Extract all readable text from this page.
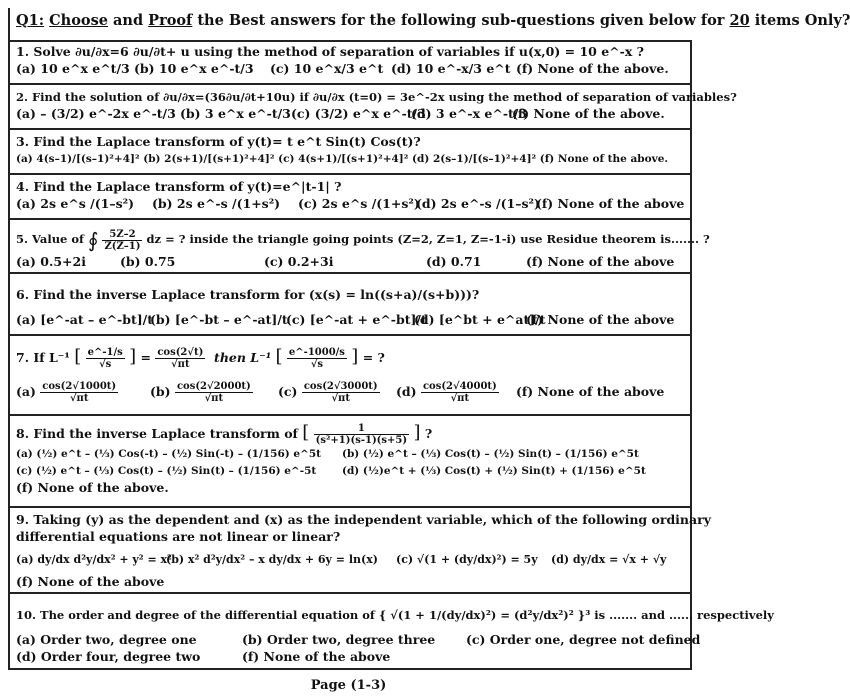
Q1: Choose and Proof the Best answers for the following sub-questions given below for 20 items Only?
1. Solve ∂u/∂x=6 ∂u/∂t+ u using the method of separation of variables if u(x,0) = 10 e^-x ?
(a) 10 e^x e^t/3 (b) 10 e^x e^-t/3 (c) 10 e^x/3 e^t (d) 10 e^-x/3 e^t (f) None of the above.
2. Find the solution of ∂u/∂x=(36∂u/∂t+10u) if ∂u/∂x (t=0) = 3e^-2x using the method of separation of variables?
(a) – (3/2) e^-2x e^-t/3 (b) 3 e^x e^-t/3 (c) (3/2) e^x e^-t/3
(d) 3 e^-x e^-t/3
(f) None of the above.
3. Find the Laplace transform of y(t)= t e^t Sin(t) Cos(t)?
(a) 4(s–1)/[(s–1)²+4]² (b) 2(s+1)/[(s+1)²+4]² (c) 4(s+1)/[(s+1)²+4]² (d) 2(s–1)/[(s–1)²+4]² (f) None of the above.
4. Find the Laplace transform of y(t)=e^|t-1| ?
(a) 2s e^s /(1–s²) (b) 2s e^-s /(1+s²) (c) 2s e^s /(1+s²)
(d) 2s e^-s /(1–s²)
(f) None of the above
5. Value of ∮ $\frac{5Z-2}{Z(Z-1)}$ dz = ? inside the triangle going points (Z=2, Z=1, Z=-1-i) use Residue theorem is....... ?
(a) 0.5+2i	(b) 0.75	(c) 0.2+3i	(d) 0.71	(f) None of the above
6. Find the inverse Laplace transform for (x(s) = ln((s+a)/(s+b)))?
(a) [e^-at – e^-bt]/t
(b) [e^-bt – e^-at]/t
(c) [e^-at + e^-bt]/t
(d) [e^bt + e^at]/t
(f) None of the above
7. If L⁻¹ [ $\frac{e\^{}-1/s}{√s}$ ] = $\frac{\cos(2√t)}{√\pi t}$ then L⁻¹ [ $\frac{e\^{}-1000/s}{√s}$ ] = ?
$(a) \frac{\cos(2√1000t)}{√\pi t}$	$(b) \frac{\cos(2√2000t)}{√\pi t} (c) \frac{\cos(2√3000t)}{√\pi t} (d) \frac{\cos(2√4000t)}{√\pi t} (f)$ None of the above
8. Find the inverse Laplace transform of [ $\frac{1}{\text{(s²+1)(s-1)(s+5)}}$ ] ?
(a) (½) e^t – (⅓) Cos(-t) – (½) Sin(-t) – (1/156) e^5t (b) (½) e^t – (⅓) Cos(t) – (½) Sin(t) – (1/156) e^5t
(c) (½) e^t – (⅓) Cos(t) – (½) Sin(t) – (1/156) e^-5t (d) (½)e^t + (⅓) Cos(t) + (½) Sin(t) + (1/156) e^5t
(f) None of the above.
9. Taking (y) as the dependent and (x) as the independent variable, which of the following ordinary
differential equations are not linear or linear?
(a) dy/dx d²y/dx² + y² = x²
(b) x² d²y/dx² – x dy/dx + 6y = ln(x) (c) √(1 + (dy/dx)²) = 5y (d) dy/dx = √x + √y
(f) None of the above
10. The order and degree of the differential equation of { √(1 + 1/(dy/dx)²) = (d²y/dx²)² }³ is ....... and ...... respectively
(a) Order two, degree one	(b) Order two, degree three (c) Order one, degree not defined
(d) Order four, degree two	(f) None of the above
Page (1-3)
